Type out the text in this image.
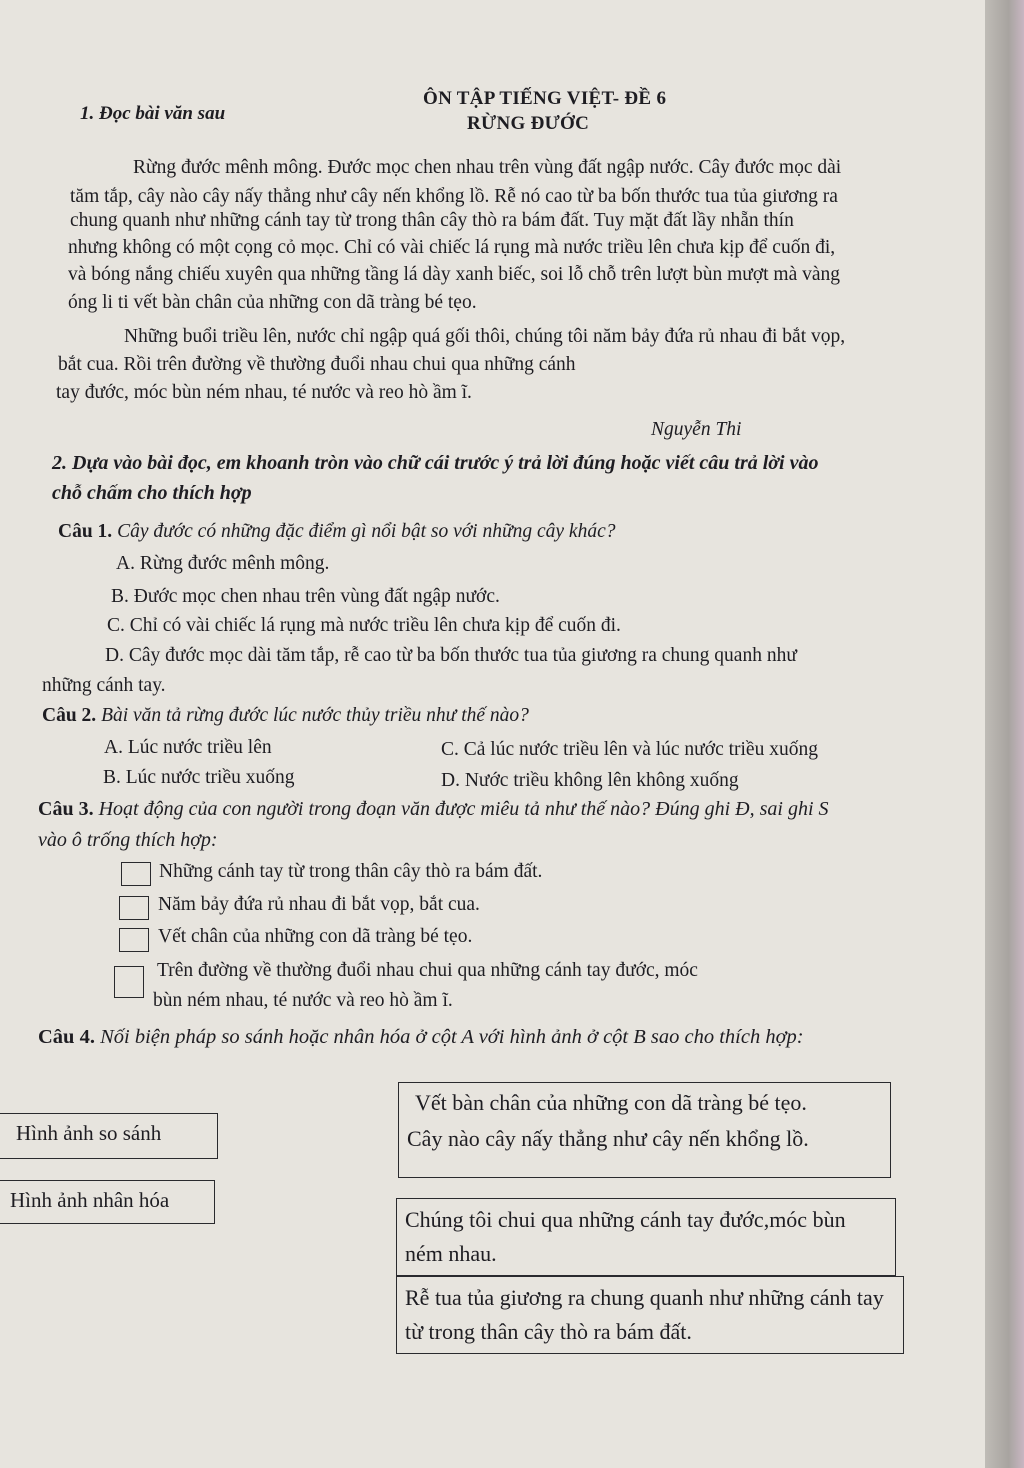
ÔN TẬP TIẾNG VIỆT- ĐỀ 6
1. Đọc bài văn sau	RỪNG ĐƯỚC
Rừng đước mênh mông. Đước mọc chen nhau trên vùng đất ngập nước. Cây đước mọc dài
tăm tắp, cây nào cây nấy thẳng như cây nến khổng lồ. Rễ nó cao từ ba bốn thước tua tủa giương ra
chung quanh như những cánh tay từ trong thân cây thò ra bám đất. Tuy mặt đất lầy nhẵn thín
nhưng không có một cọng cỏ mọc. Chỉ có vài chiếc lá rụng mà nước triều lên chưa kịp để cuốn đi,
và bóng nắng chiếu xuyên qua những tầng lá dày xanh biếc, soi lỗ chỗ trên lượt bùn mượt mà vàng
óng li ti vết bàn chân của những con dã tràng bé tẹo.
Những buổi triều lên, nước chỉ ngập quá gối thôi, chúng tôi năm bảy đứa rủ nhau đi bắt vọp,
bắt cua. Rồi trên đường về thường đuổi nhau chui qua những cánh
tay đước, móc bùn ném nhau, té nước và reo hò ầm ĩ.
Nguyễn Thi
2. Dựa vào bài đọc, em khoanh tròn vào chữ cái trước ý trả lời đúng hoặc viết câu trả lời vào
chỗ chấm cho thích hợp
Câu 1. Cây đước có những đặc điểm gì nổi bật so với những cây khác?
A. Rừng đước mênh mông.
B. Đước mọc chen nhau trên vùng đất ngập nước.
C. Chỉ có vài chiếc lá rụng mà nước triều lên chưa kịp để cuốn đi.
D. Cây đước mọc dài tăm tắp, rễ cao từ ba bốn thước tua tủa giương ra chung quanh như
những cánh tay.
Câu 2. Bài văn tả rừng đước lúc nước thủy triều như thế nào?
A. Lúc nước triều lên	C. Cả lúc nước triều lên và lúc nước triều xuống
B. Lúc nước triều xuống	D. Nước triều không lên không xuống
Câu 3. Hoạt động của con người trong đoạn văn được miêu tả như thế nào? Đúng ghi Đ, sai ghi S
vào ô trống thích hợp:
Những cánh tay từ trong thân cây thò ra bám đất.
Năm bảy đứa rủ nhau đi bắt vọp, bắt cua.
Vết chân của những con dã tràng bé tẹo.
Trên đường về thường đuổi nhau chui qua những cánh tay đước, móc
bùn ném nhau, té nước và reo hò ầm ĩ.
Câu 4. Nối biện pháp so sánh hoặc nhân hóa ở cột A với hình ảnh ở cột B sao cho thích hợp:
Hình ảnh so sánh
Hình ảnh nhân hóa
Vết bàn chân của những con dã tràng bé tẹo.
Cây nào cây nấy thẳng như cây nến khổng lồ.
Chúng tôi chui qua những cánh tay đước,móc bùn ném nhau.
Rễ tua tủa giương ra chung quanh như những cánh tay từ trong thân cây thò ra bám đất.
